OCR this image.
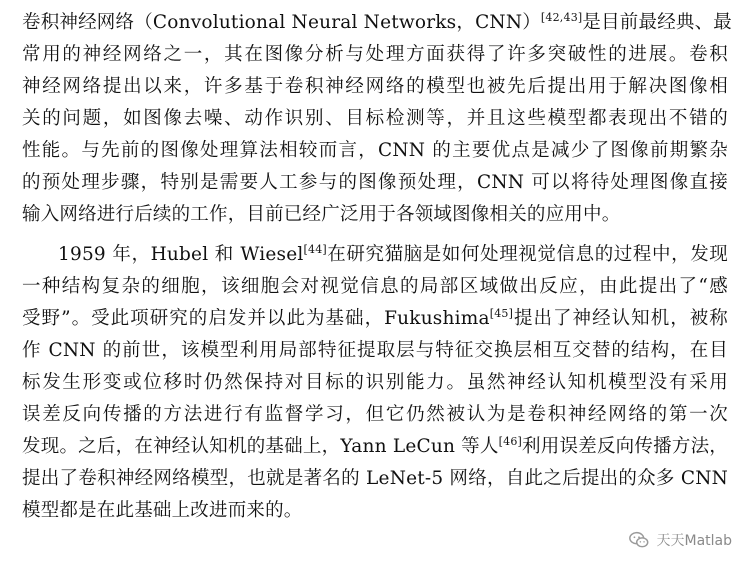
卷积神经网络（Convolutional Neural Networks，CNN）[42,43]是目前最经典、最
常用的神经网络之一，其在图像分析与处理方面获得了许多突破性的进展。卷积
神经网络提出以来，许多基于卷积神经网络的模型也被先后提出用于解决图像相
关的问题，如图像去噪、动作识别、目标检测等，并且这些模型都表现出不错的
性能。与先前的图像处理算法相较而言，CNN 的主要优点是减少了图像前期繁杂
的预处理步骤，特别是需要人工参与的图像预处理，CNN 可以将待处理图像直接
输入网络进行后续的工作，目前已经广泛用于各领域图像相关的应用中。
1959 年，Hubel 和 Wiesel[44]在研究猫脑是如何处理视觉信息的过程中，发现
一种结构复杂的细胞，该细胞会对视觉信息的局部区域做出反应，由此提出了“感
受野”。受此项研究的启发并以此为基础，Fukushima[45]提出了神经认知机，被称
作 CNN 的前世，该模型利用局部特征提取层与特征交换层相互交替的结构，在目
标发生形变或位移时仍然保持对目标的识别能力。虽然神经认知机模型没有采用
误差反向传播的方法进行有监督学习，但它仍然被认为是卷积神经网络的第一次
发现。之后，在神经认知机的基础上，Yann LeCun 等人[46]利用误差反向传播方法，
提出了卷积神经网络模型，也就是著名的 LeNet-5 网络，自此之后提出的众多 CNN
模型都是在此基础上改进而来的。
天天Matlab
